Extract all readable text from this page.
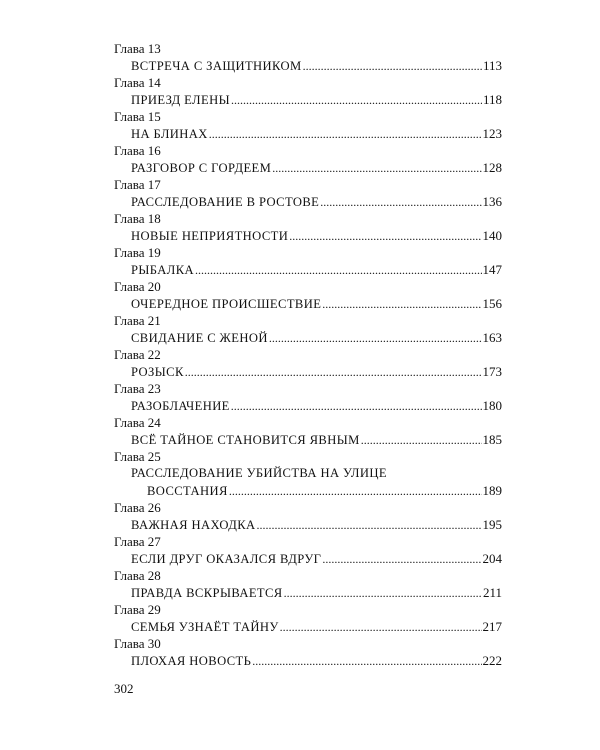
Глава 13
ВСТРЕЧА С ЗАЩИТНИКОМ .....	113
Глава 14
ПРИЕЗД ЕЛЕНЫ .....	118
Глава 15
НА БЛИНАХ .....	123
Глава 16
РАЗГОВОР С ГОРДЕЕМ .....	128
Глава 17
РАССЛЕДОВАНИЕ В РОСТОВЕ .....	136
Глава 18
НОВЫЕ НЕПРИЯТНОСТИ .....	140
Глава 19
РЫБАЛКА .....	147
Глава 20
ОЧЕРЕДНОЕ ПРОИСШЕСТВИЕ .....	156
Глава 21
СВИДАНИЕ С ЖЕНОЙ .....	163
Глава 22
РОЗЫСК .....	173
Глава 23
РАЗОБЛАЧЕНИЕ .....	180
Глава 24
ВСЁ ТАЙНОЕ СТАНОВИТСЯ ЯВНЫМ .....	185
Глава 25
РАССЛЕДОВАНИЕ УБИЙСТВА НА УЛИЦЕ
ВОССТАНИЯ .....	189
Глава 26
ВАЖНАЯ НАХОДКА .....	195
Глава 27
ЕСЛИ ДРУГ ОКАЗАЛСЯ ВДРУГ .....	204
Глава 28
ПРАВДА ВСКРЫВАЕТСЯ .....	211
Глава 29
СЕМЬЯ УЗНАЁТ ТАЙНУ .....	217
Глава 30
ПЛОХАЯ НОВОСТЬ .....	222
302
